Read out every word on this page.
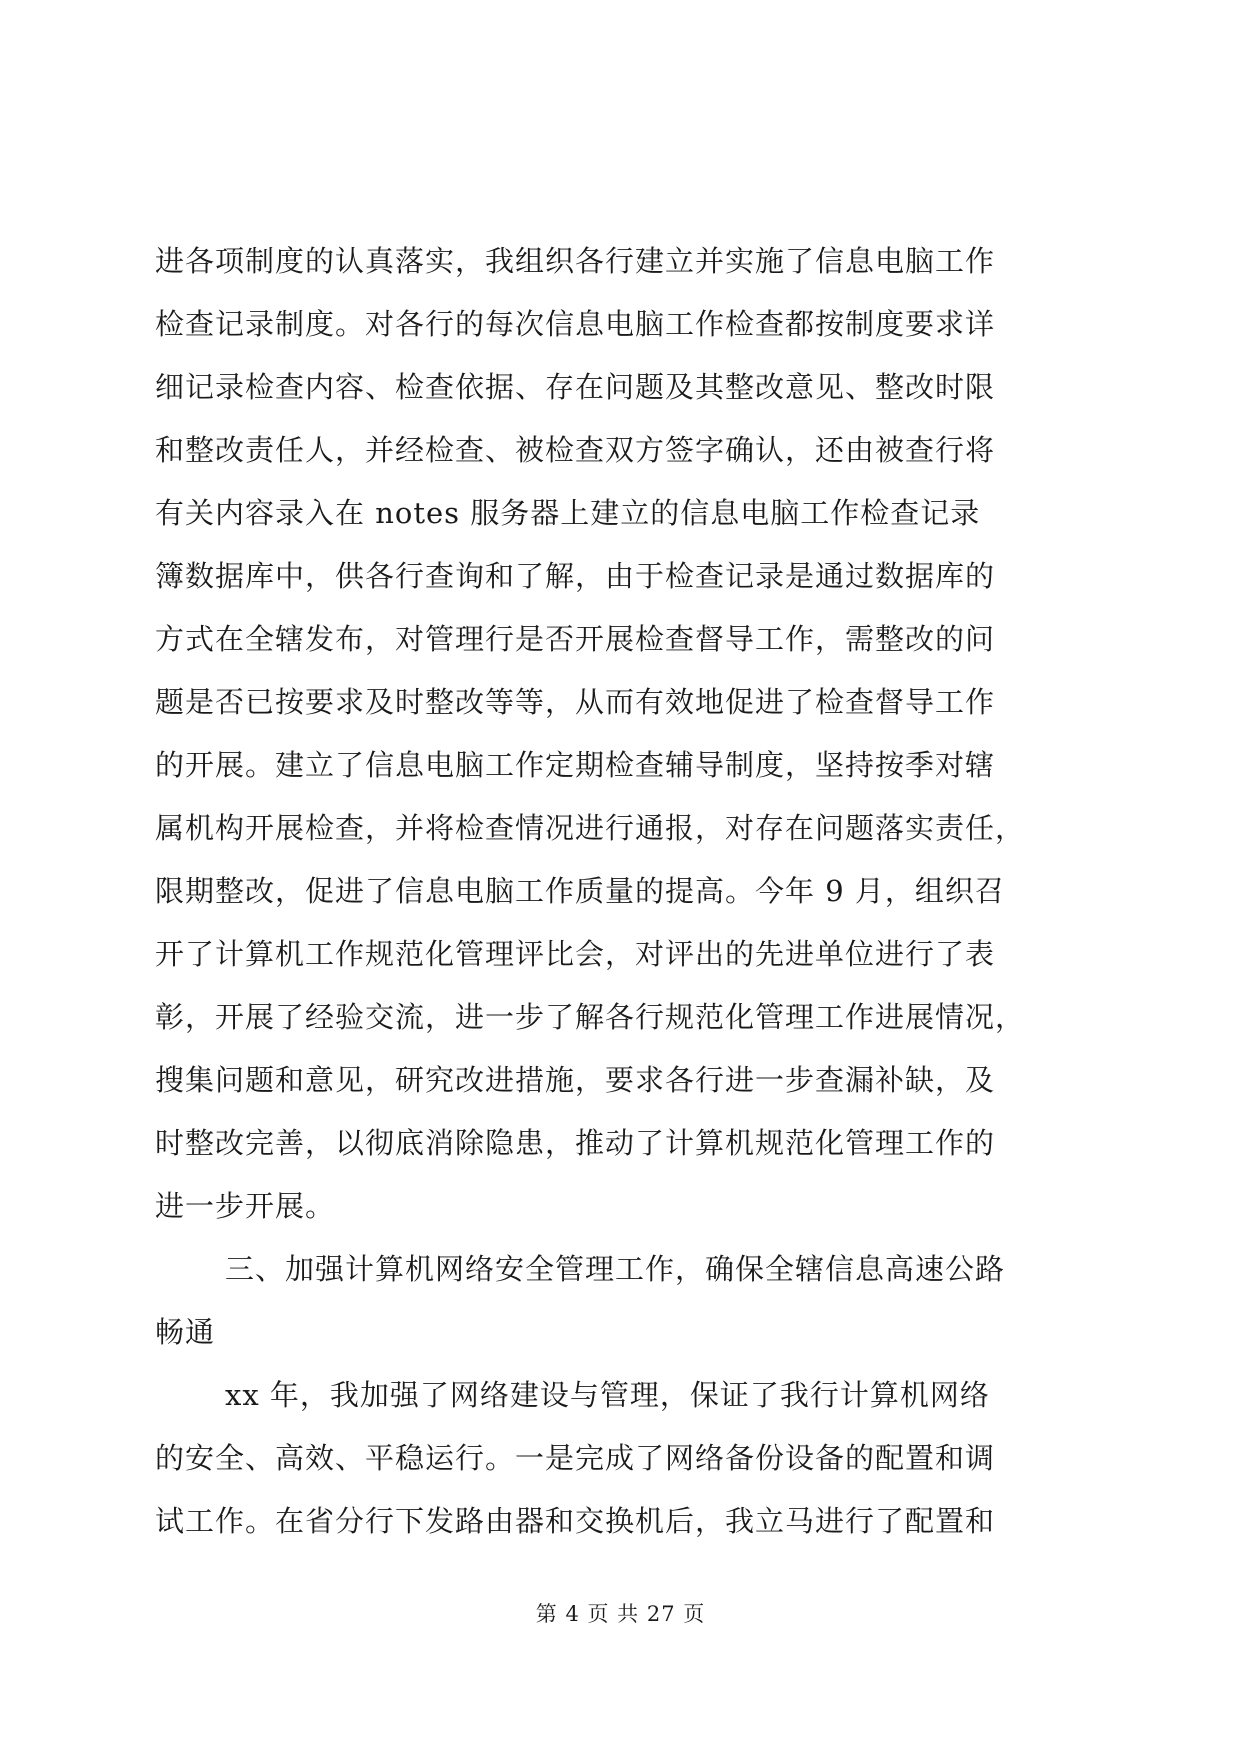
进各项制度的认真落实，我组织各行建立并实施了信息电脑工作
检查记录制度。对各行的每次信息电脑工作检查都按制度要求详
细记录检查内容、检查依据、存在问题及其整改意见、整改时限
和整改责任人，并经检查、被检查双方签字确认，还由被查行将
有关内容录入在 notes 服务器上建立的信息电脑工作检查记录
簿数据库中，供各行查询和了解，由于检查记录是通过数据库的
方式在全辖发布，对管理行是否开展检查督导工作，需整改的问
题是否已按要求及时整改等等，从而有效地促进了检查督导工作
的开展。建立了信息电脑工作定期检查辅导制度，坚持按季对辖
属机构开展检查，并将检查情况进行通报，对存在问题落实责任，
限期整改，促进了信息电脑工作质量的提高。今年 9 月，组织召
开了计算机工作规范化管理评比会，对评出的先进单位进行了表
彰，开展了经验交流，进一步了解各行规范化管理工作进展情况，
搜集问题和意见，研究改进措施，要求各行进一步查漏补缺，及
时整改完善，以彻底消除隐患，推动了计算机规范化管理工作的
进一步开展。
三、加强计算机网络安全管理工作，确保全辖信息高速公路
畅通
xx 年，我加强了网络建设与管理，保证了我行计算机网络
的安全、高效、平稳运行。一是完成了网络备份设备的配置和调
试工作。在省分行下发路由器和交换机后，我立马进行了配置和
第 4 页 共 27 页
